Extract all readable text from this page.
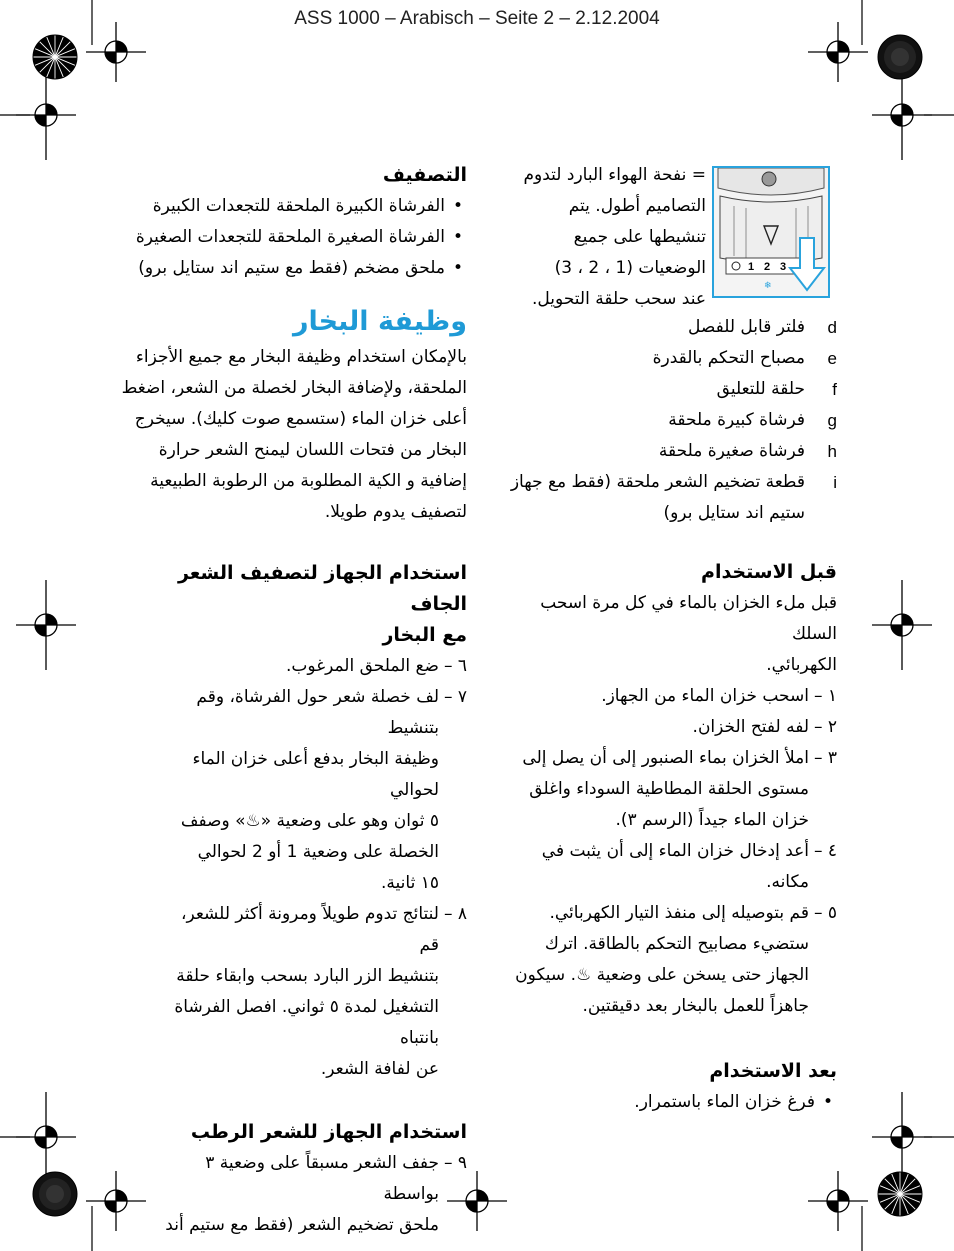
ASS 1000 – Arabisch – Seite 2 – 2.12.2004
1 2 3
❄

= نفحة الهواء البارد لتدوم

التصاميم أطول. يتم

تنشيطها على جميع

الوضعيات (1 ، 2 ، 3)

عند سحب حلقة التحويل.

d
فلتر قابل للفصل

e
مصباح التحكم بالقدرة

f
حلقة للتعليق

g
فرشاة كبيرة ملحقة

h
فرشاة صغيرة ملحقة

i
قطعة تضخيم الشعر ملحقة (فقط مع جهاز

ستيم اند ستايل برو)

قبل الاستخدام

قبل ملء الخزان بالماء في كل مرة اسحب السلك

الكهربائي.

١ –
اسحب خزان الماء من الجهاز.

٢ –
لفه لفتح الخزان.

٣ –
املأ الخزان بماء الصنبور إلى أن يصل إلى

مستوى الحلقة المطاطية السوداء واغلق

خزان الماء جيداً (الرسم ٣).

٤ –
أعد إدخال خزان الماء إلى أن يثبت في

مكانه.

٥ –
قم بتوصيله إلى منفذ التيار الكهربائي.

ستضيء مصابيح التحكم بالطاقة. اترك

الجهاز حتى يسخن على وضعية ♨. سيكون

جاهزاً للعمل بالبخار بعد دقيقتين.

بعد الاستخدام

•
فرغ خزان الماء باستمرار.

التصفيف

•
الفرشاة الكبيرة الملحقة للتجعدات الكبيرة

•
الفرشاة الصغيرة الملحقة للتجعدات الصغيرة

•
ملحق مضخم (فقط مع ستيم اند ستايل برو)

وظيفة البخار

بالإمكان استخدام وظيفة البخار مع جميع الأجزاء

الملحقة، ولإضافة البخار لخصلة من الشعر، اضغط

أعلى خزان الماء (ستسمع صوت كليك). سيخرج

البخار من فتحات اللسان ليمنح الشعر حرارة

إضافية و الكية المطلوبة من الرطوبة الطبيعية

لتصفيف يدوم طويلا.

استخدام الجهاز لتصفيف الشعر الجاف

مع البخار

٦ –
ضع الملحق المرغوب.

٧ –
لف خصلة شعر حول الفرشاة، وقم بتنشيط

وظيفة البخار بدفع أعلى خزان الماء لحوالي

٥ ثوان وهو على وضعية «♨» وصفف

الخصلة على وضعية 1 أو 2 لحوالي

١٥ ثانية.

٨ –
لنتائج تدوم طويلاً ومرونة أكثر للشعر، قم

بتنشيط الزر البارد بسحب وابقاء حلقة

التشغيل لمدة ٥ ثواني. افصل الفرشاة بانتباه

عن لفافة الشعر.

استخدام الجهاز للشعر الرطب

٩ –
جفف الشعر مسبقاً على وضعية ٣ بواسطة

ملحق تضخيم الشعر (فقط مع ستيم أند
